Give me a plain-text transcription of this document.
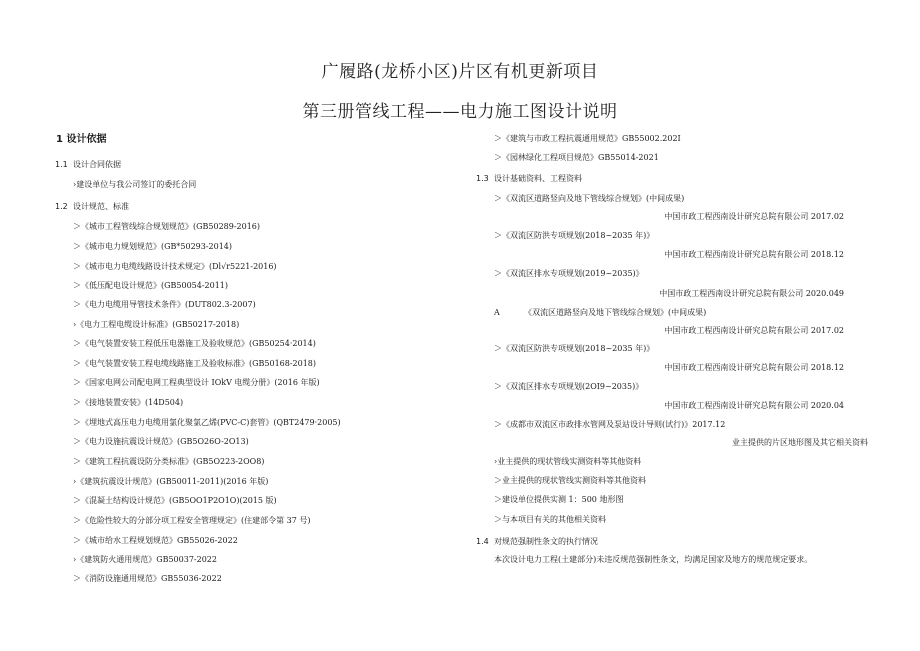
广履路(龙桥小区)片区有机更新项目
第三册管线工程——电力施工图设计说明
1 设计依据
1.1 设计合同依据
›建设单位与我公司签订的委托合同
1.2 设计规范、标准
＞《城市工程管线综合规划规范》(GB50289-2016)
＞《城市电力规划规范》(GB*50293-2014)
＞《城市电力电缆线路设计技术规定》(Dl√r5221-2016)
＞《低压配电设计规范》(GB50054-2011)
＞《电力电缆用导管技术条件》(DUT802.3-2007)
›《电力工程电缆设计标准》(GB50217-2018)
＞《电气装置安装工程低压电器施工及验收规范》(GB50254·2014)
＞《电气装置安装工程电缆线路施工及验收标准》(GB50168-2018)
＞《国家电网公司配电网工程典型设计 IOkV 电缆分册》(2016 年版)
＞《接地装置安装》(14D504)
＞《埋地式高压电力电缆用氯化聚氯乙烯(PVC-C)套管》(QBT2479·2005)
＞《电力设施抗震设计规范》(GB5O26O-2O13)
＞《建筑工程抗震设防分类标准》(GB5O223-2OO8)
›《建筑抗震设计规范》(GB50011-2011)(2016 年版)
＞《混凝土结构设计规范》(GB5OO1P2O1O)(2015 版)
＞《危险性较大的分部分项工程安全管理规定》(住建部令第 37 号)
＞《城市给水工程规划规范》GB55026-2022
›《建筑防火通用规范》GB50037-2022
＞《消防设施通用规范》GB55036-2022
＞《建筑与市政工程抗震通用规范》GB55002.202I
＞《园林绿化工程项目规范》GB55014-2021
1.3 设计基础资料、工程资料
＞《双流区道路竖向及地下管线综合规划》(中间成果)
中国市政工程西南设计研究总院有限公司 2017.02
＞《双流区防洪专项规划(2018~2035 年)》
中国市政工程西南设计研究总院有限公司 2018.12
＞《双流区排水专项规划(2019~2035)》
中国市政工程西南设计研究总院有限公司 2020.049
A	《双流区道路竖向及地下管线综合规划》(中间成果)
中国市政工程西南设计研究总院有限公司 2017.02
＞《双流区防洪专项规划(2018~2035 年)》
中国市政工程西南设计研究总院有限公司 2018.12
＞《双流区排水专项规划(2OI9~2035)》
中国市政工程西南设计研究总院有限公司 2020.04
＞《成都市双流区市政排水管网及泵站设计导则(试行)》2017.12
业主提供的片区地形图及其它相关资料
›业主提供的现状管线实测资料等其他资料
＞业主提供的现状管线实测资料等其他资料
＞建设单位提供实测 1：500 地形图
＞与本项目有关的其他相关资料
1.4 对规范强制性条文的执行情况
本次设计电力工程(土建部分)未违反规范强制性条文，均满足国家及地方的规范规定要求。
